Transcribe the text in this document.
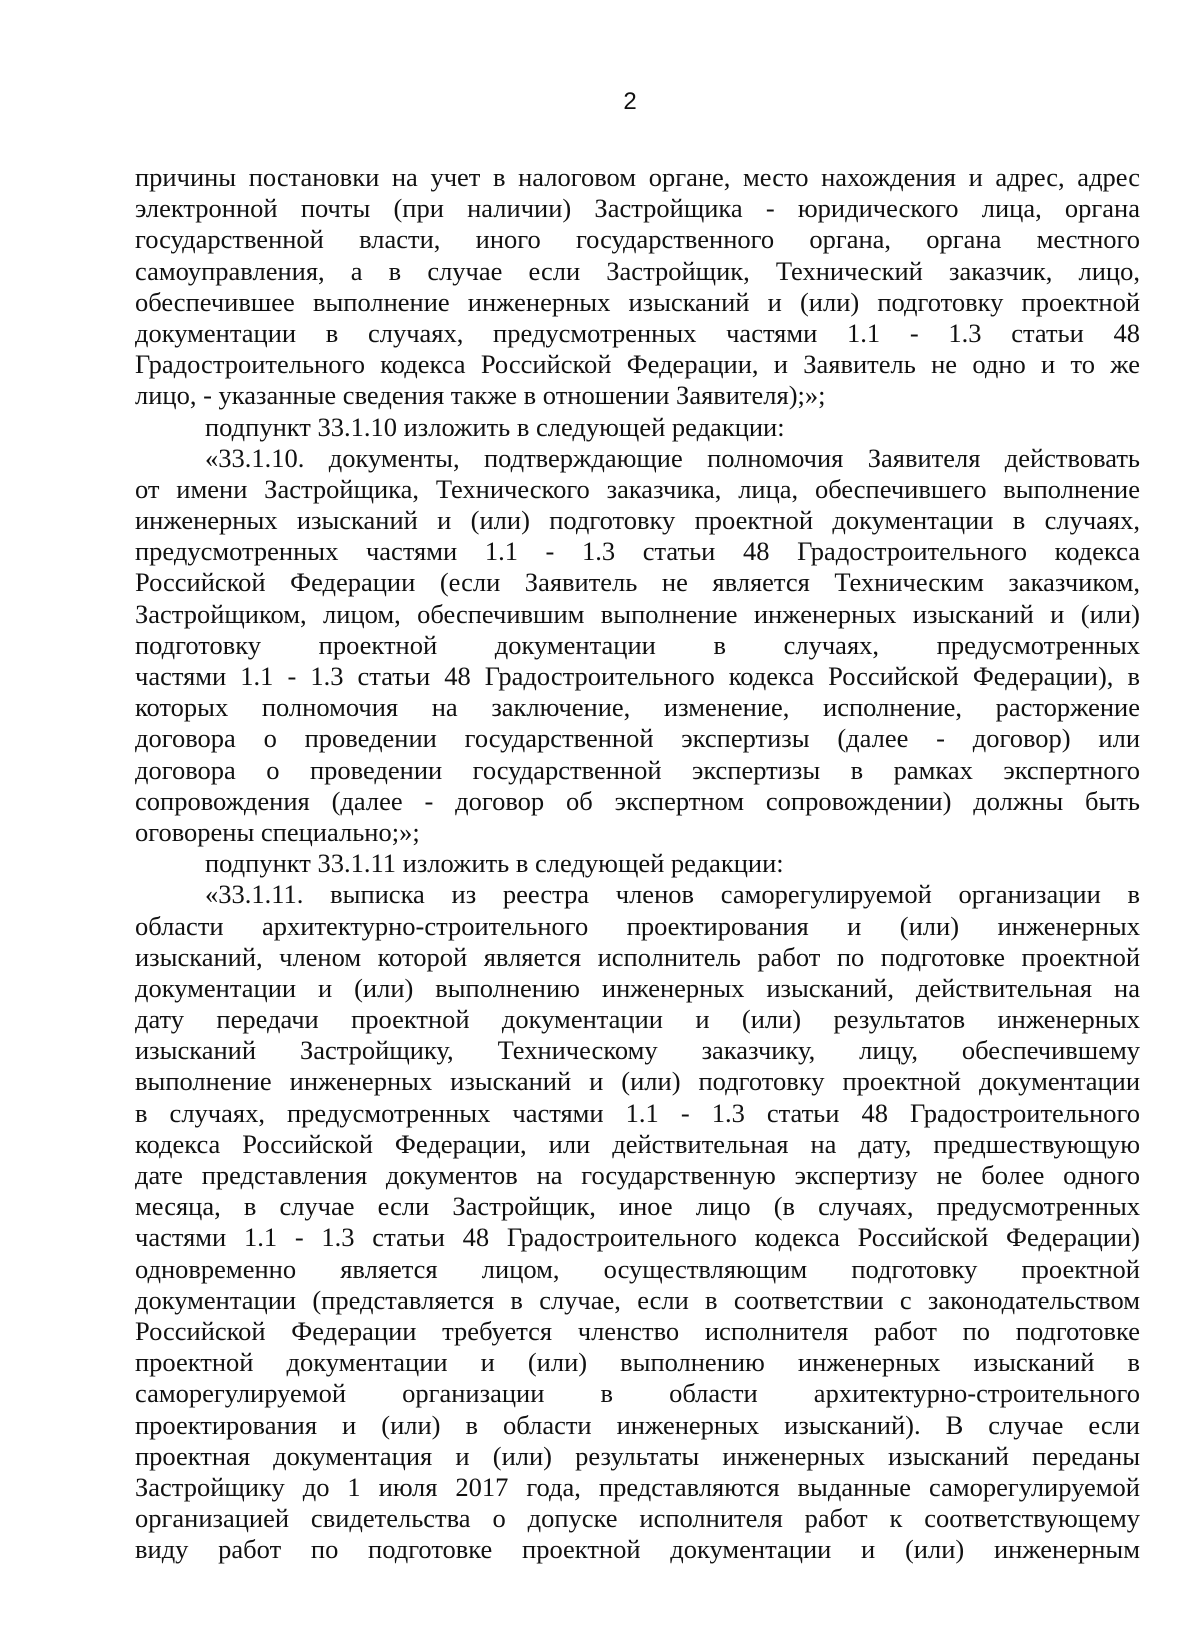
2
причины постановки на учет в налоговом органе, место нахождения и адрес, адрес
электронной почты (при наличии) Застройщика - юридического лица, органа
государственной власти, иного государственного органа, органа местного
самоуправления, а в случае если Застройщик, Технический заказчик, лицо,
обеспечившее выполнение инженерных изысканий и (или) подготовку проектной
документации в случаях, предусмотренных частями 1.1 - 1.3 статьи 48
Градостроительного кодекса Российской Федерации, и Заявитель не одно и то же
лицо, - указанные сведения также в отношении Заявителя);»;
подпункт 33.1.10 изложить в следующей редакции:
«33.1.10. документы, подтверждающие полномочия Заявителя действовать
от имени Застройщика, Технического заказчика, лица, обеспечившего выполнение
инженерных изысканий и (или) подготовку проектной документации в случаях,
предусмотренных частями 1.1 - 1.3 статьи 48 Градостроительного кодекса
Российской Федерации (если Заявитель не является Техническим заказчиком,
Застройщиком, лицом, обеспечившим выполнение инженерных изысканий и (или)
подготовку проектной документации в случаях, предусмотренных
частями 1.1 - 1.3 статьи 48 Градостроительного кодекса Российской Федерации), в
которых полномочия на заключение, изменение, исполнение, расторжение
договора о проведении государственной экспертизы (далее - договор) или
договора о проведении государственной экспертизы в рамках экспертного
сопровождения (далее - договор об экспертном сопровождении) должны быть
оговорены специально;»;
подпункт 33.1.11 изложить в следующей редакции:
«33.1.11. выписка из реестра членов саморегулируемой организации в
области архитектурно-строительного проектирования и (или) инженерных
изысканий, членом которой является исполнитель работ по подготовке проектной
документации и (или) выполнению инженерных изысканий, действительная на
дату передачи проектной документации и (или) результатов инженерных
изысканий Застройщику, Техническому заказчику, лицу, обеспечившему
выполнение инженерных изысканий и (или) подготовку проектной документации
в случаях, предусмотренных частями 1.1 - 1.3 статьи 48 Градостроительного
кодекса Российской Федерации, или действительная на дату, предшествующую
дате представления документов на государственную экспертизу не более одного
месяца, в случае если Застройщик, иное лицо (в случаях, предусмотренных
частями 1.1 - 1.3 статьи 48 Градостроительного кодекса Российской Федерации)
одновременно является лицом, осуществляющим подготовку проектной
документации (представляется в случае, если в соответствии с законодательством
Российской Федерации требуется членство исполнителя работ по подготовке
проектной документации и (или) выполнению инженерных изысканий в
саморегулируемой организации в области архитектурно-строительного
проектирования и (или) в области инженерных изысканий). В случае если
проектная документация и (или) результаты инженерных изысканий переданы
Застройщику до 1 июля 2017 года, представляются выданные саморегулируемой
организацией свидетельства о допуске исполнителя работ к соответствующему
виду работ по подготовке проектной документации и (или) инженерным
